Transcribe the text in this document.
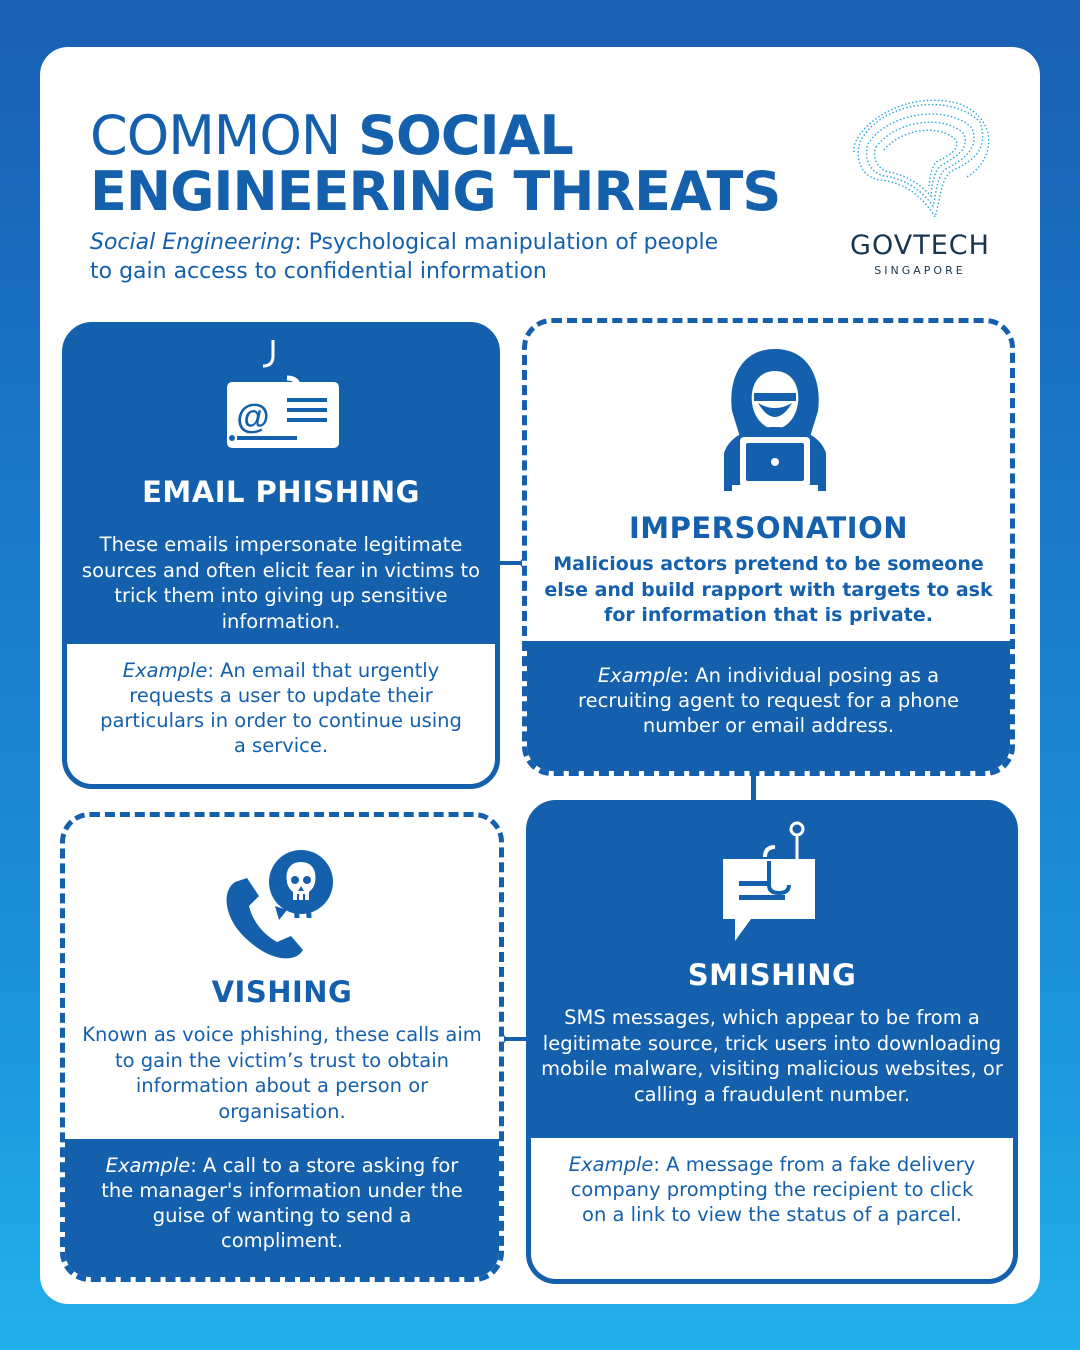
COMMON SOCIAL
ENGINEERING THREATS

Social Engineering: Psychological manipulation of people to gain access to confidential information

GOVTECH
SINGAPORE
@
EMAIL PHISHING

These emails impersonate legitimate sources and often elicit fear in victims to trick them into giving up sensitive information.

Example: An email that urgently requests a user to update their particulars in order to continue using a service.
IMPERSONATION

Malicious actors pretend to be someone else and build rapport with targets to ask for information that is private.

Example: An individual posing as a recruiting agent to request for a phone number or email address.
VISHING

Known as voice phishing, these calls aim to gain the victim’s trust to obtain information about a person or organisation.

Example: A call to a store asking for the manager's information under the guise of wanting to send a compliment.
SMISHING

SMS messages, which appear to be from a legitimate source, trick users into downloading mobile malware, visiting malicious websites, or calling a fraudulent number.

Example: A message from a fake delivery company prompting the recipient to click on a link to view the status of a parcel.
